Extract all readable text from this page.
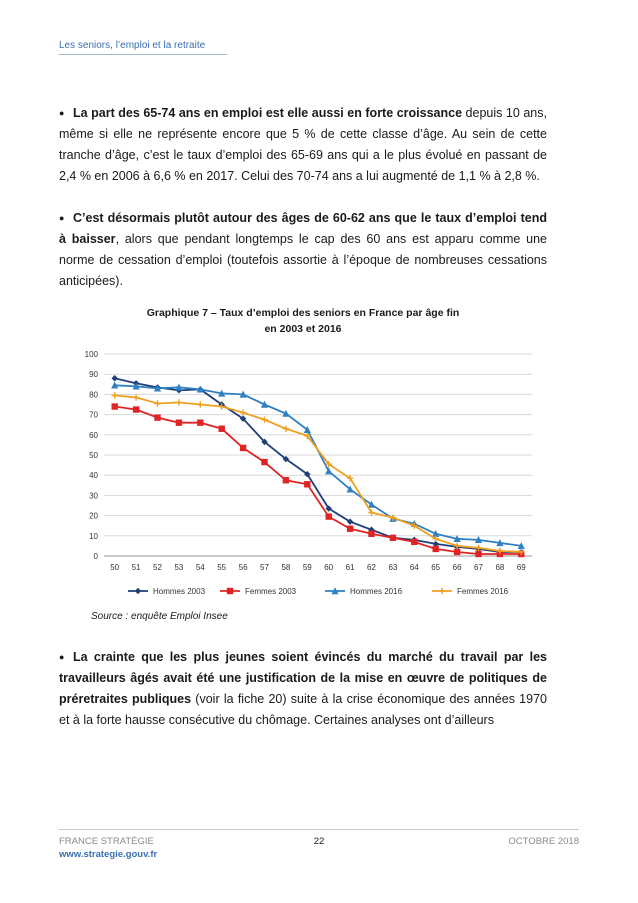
Les seniors, l’emploi et la retraite

● La part des 65-74 ans en emploi est elle aussi en forte croissance depuis 10 ans, même si elle ne représente encore que 5 % de cette classe d’âge. Au sein de cette tranche d’âge, c’est le taux d’emploi des 65-69 ans qui a le plus évolué en passant de 2,4 % en 2006 à 6,6 % en 2017. Celui des 70-74 ans a lui augmenté de 1,1 % à 2,8 %.

● C’est désormais plutôt autour des âges de 60-62 ans que le taux d’emploi tend à baisser, alors que pendant longtemps le cap des 60 ans est apparu comme une norme de cessation d’emploi (toutefois assortie à l’époque de nombreuses cessations anticipées).

Graphique 7 – Taux d’emploi des seniors en France par âge fin
en 2003 et 2016
0
10
20
30
40
50
60
70
80
90
100
50 51 52 53 54 55 56 57 58 59 60 61 62 63 64 65 66 67 68 69
Hommes 2003	Femmes 2003	Hommes 2016	Femmes 2016
Source : enquête Emploi Insee

● La crainte que les plus jeunes soient évincés du marché du travail par les travailleurs âgés avait été une justification de la mise en œuvre de politiques de préretraites publiques (voir la fiche 20) suite à la crise économique des années 1970 et à la forte hausse consécutive du chômage. Certaines analyses ont d’ailleurs

FRANCE STRATÉGIE
www.strategie.gouv.fr
22	OCTOBRE 2018
